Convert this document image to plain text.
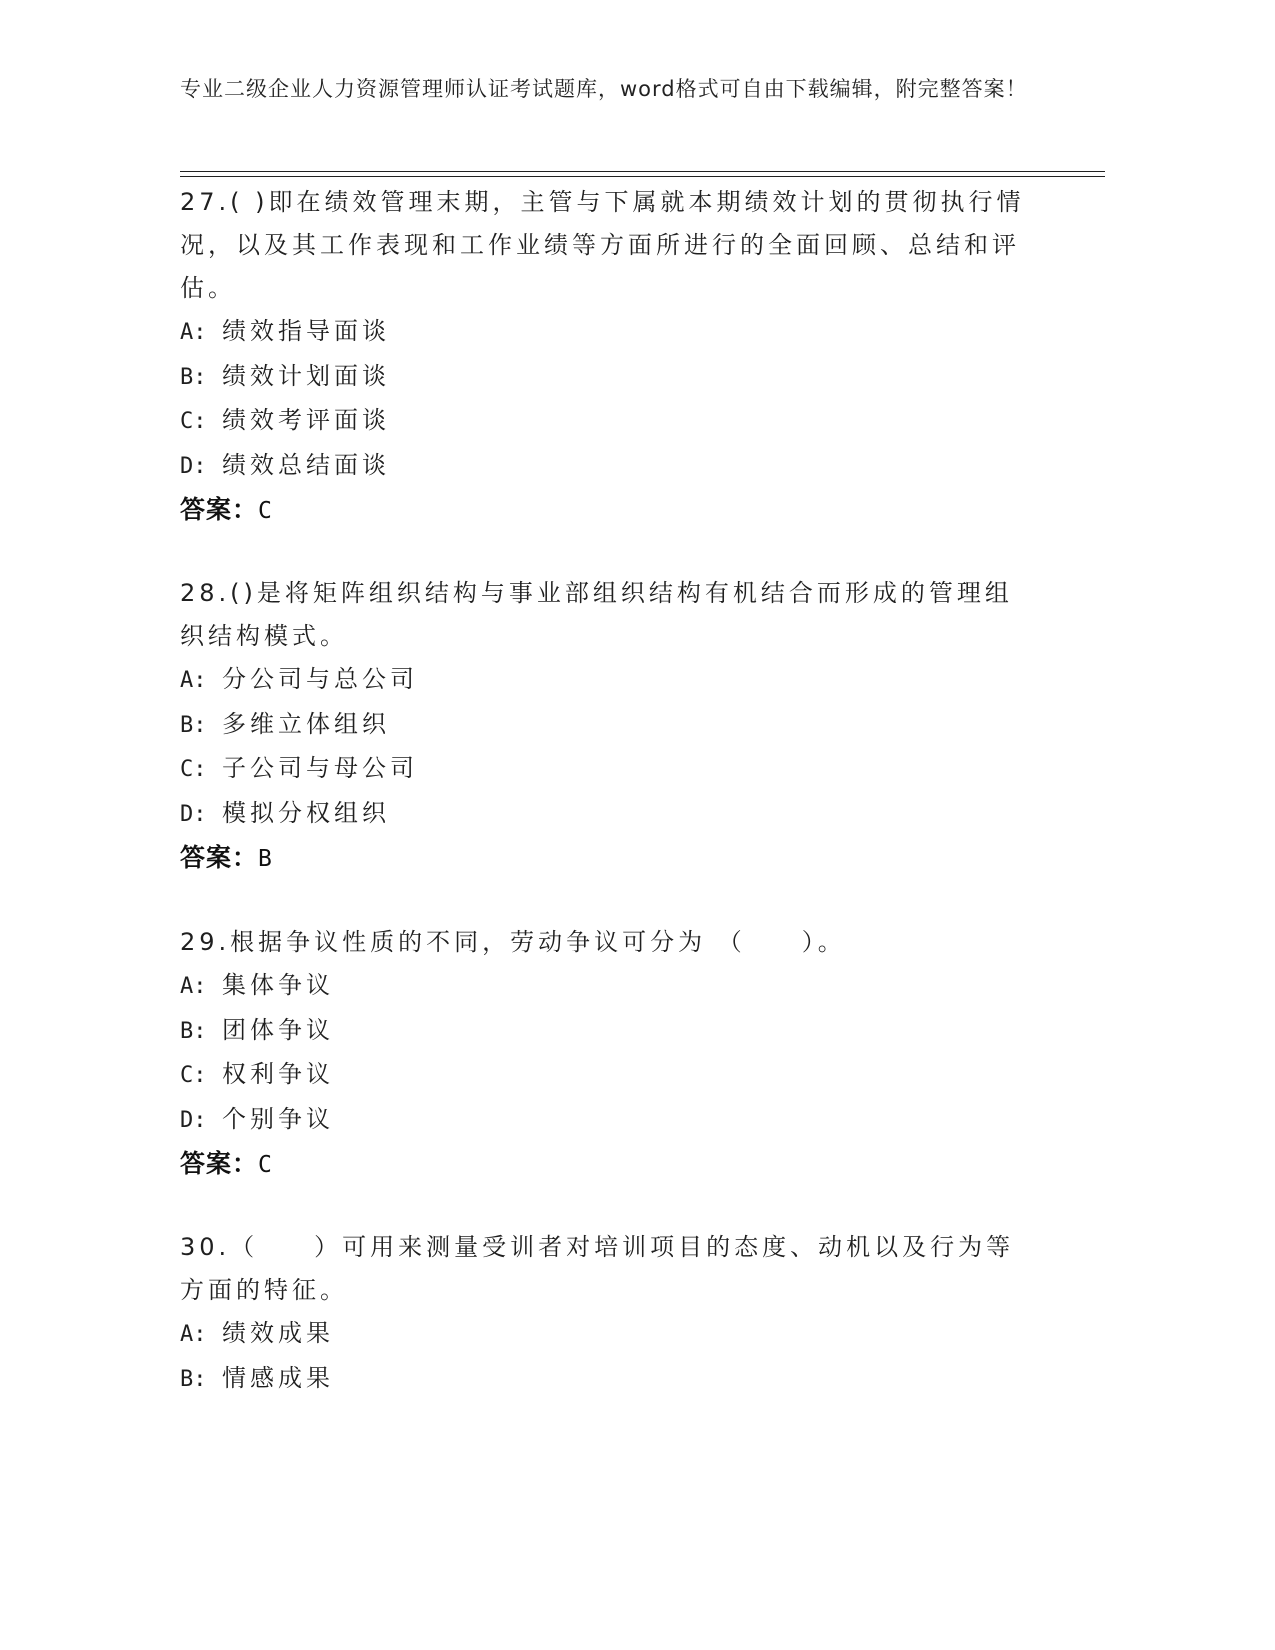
专业二级企业人力资源管理师认证考试题库，word格式可自由下载编辑，附完整答案！
27.( )即在绩效管理末期，主管与下属就本期绩效计划的贯彻执行情况，以及其工作表现和工作业绩等方面所进行的全面回顾、总结和评估。
A: 绩效指导面谈
B: 绩效计划面谈
C: 绩效考评面谈
D: 绩效总结面谈
答案：C
28.()是将矩阵组织结构与事业部组织结构有机结合而形成的管理组织结构模式。
A: 分公司与总公司
B: 多维立体组织
C: 子公司与母公司
D: 模拟分权组织
答案：B
29.根据争议性质的不同，劳动争议可分为 （　　）。
A: 集体争议
B: 团体争议
C: 权利争议
D: 个别争议
答案：C
30.（　　）可用来测量受训者对培训项目的态度、动机以及行为等方面的特征。
A: 绩效成果
B: 情感成果
